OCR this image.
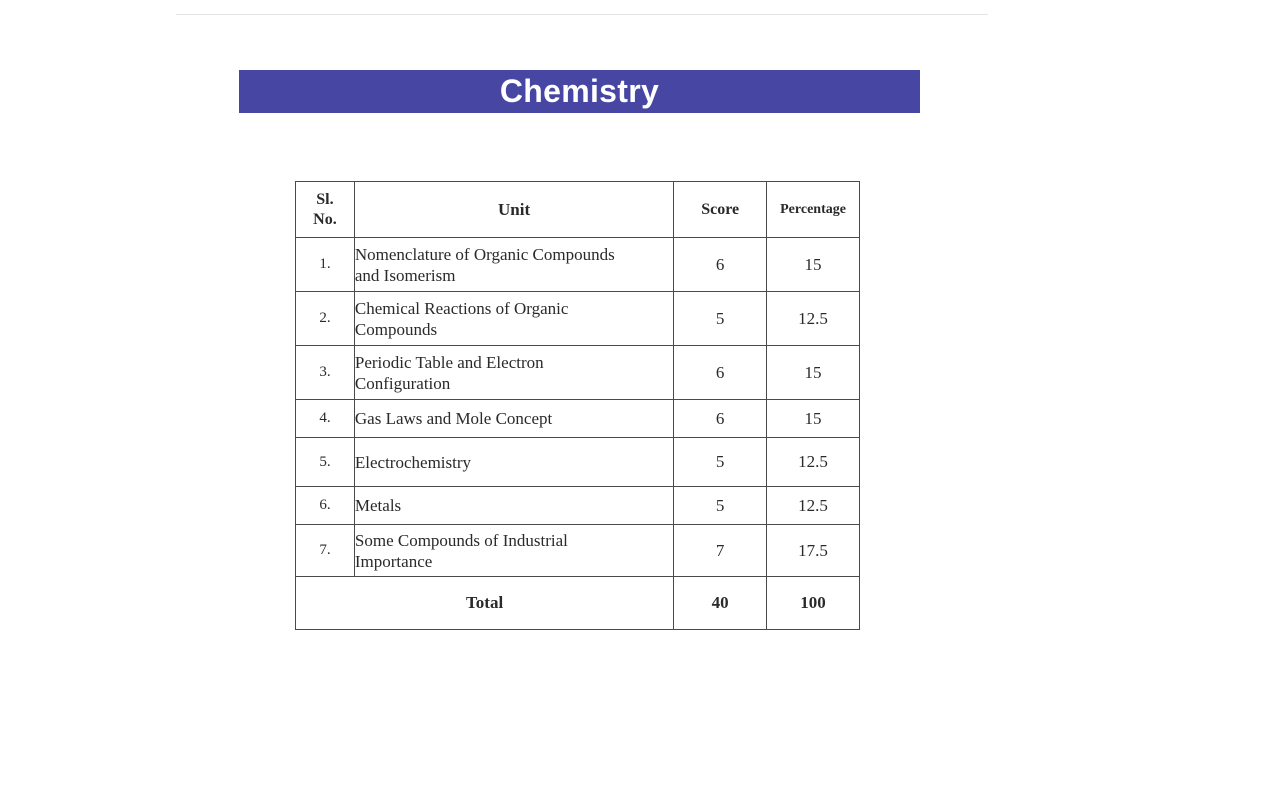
Chemistry
Sl.
No.	Unit	Score	Percentage
1.	Nomenclature of Organic Compounds
and Isomerism	6	15
2.	Chemical Reactions of Organic
Compounds	5	12.5
3.	Periodic Table and Electron
Configuration	6	15
4.	Gas Laws and Mole Concept	6	15
5.	Electrochemistry	5	12.5
6.	Metals	5	12.5
7.	Some Compounds of Industrial
Importance	7	17.5
Total		40	100
